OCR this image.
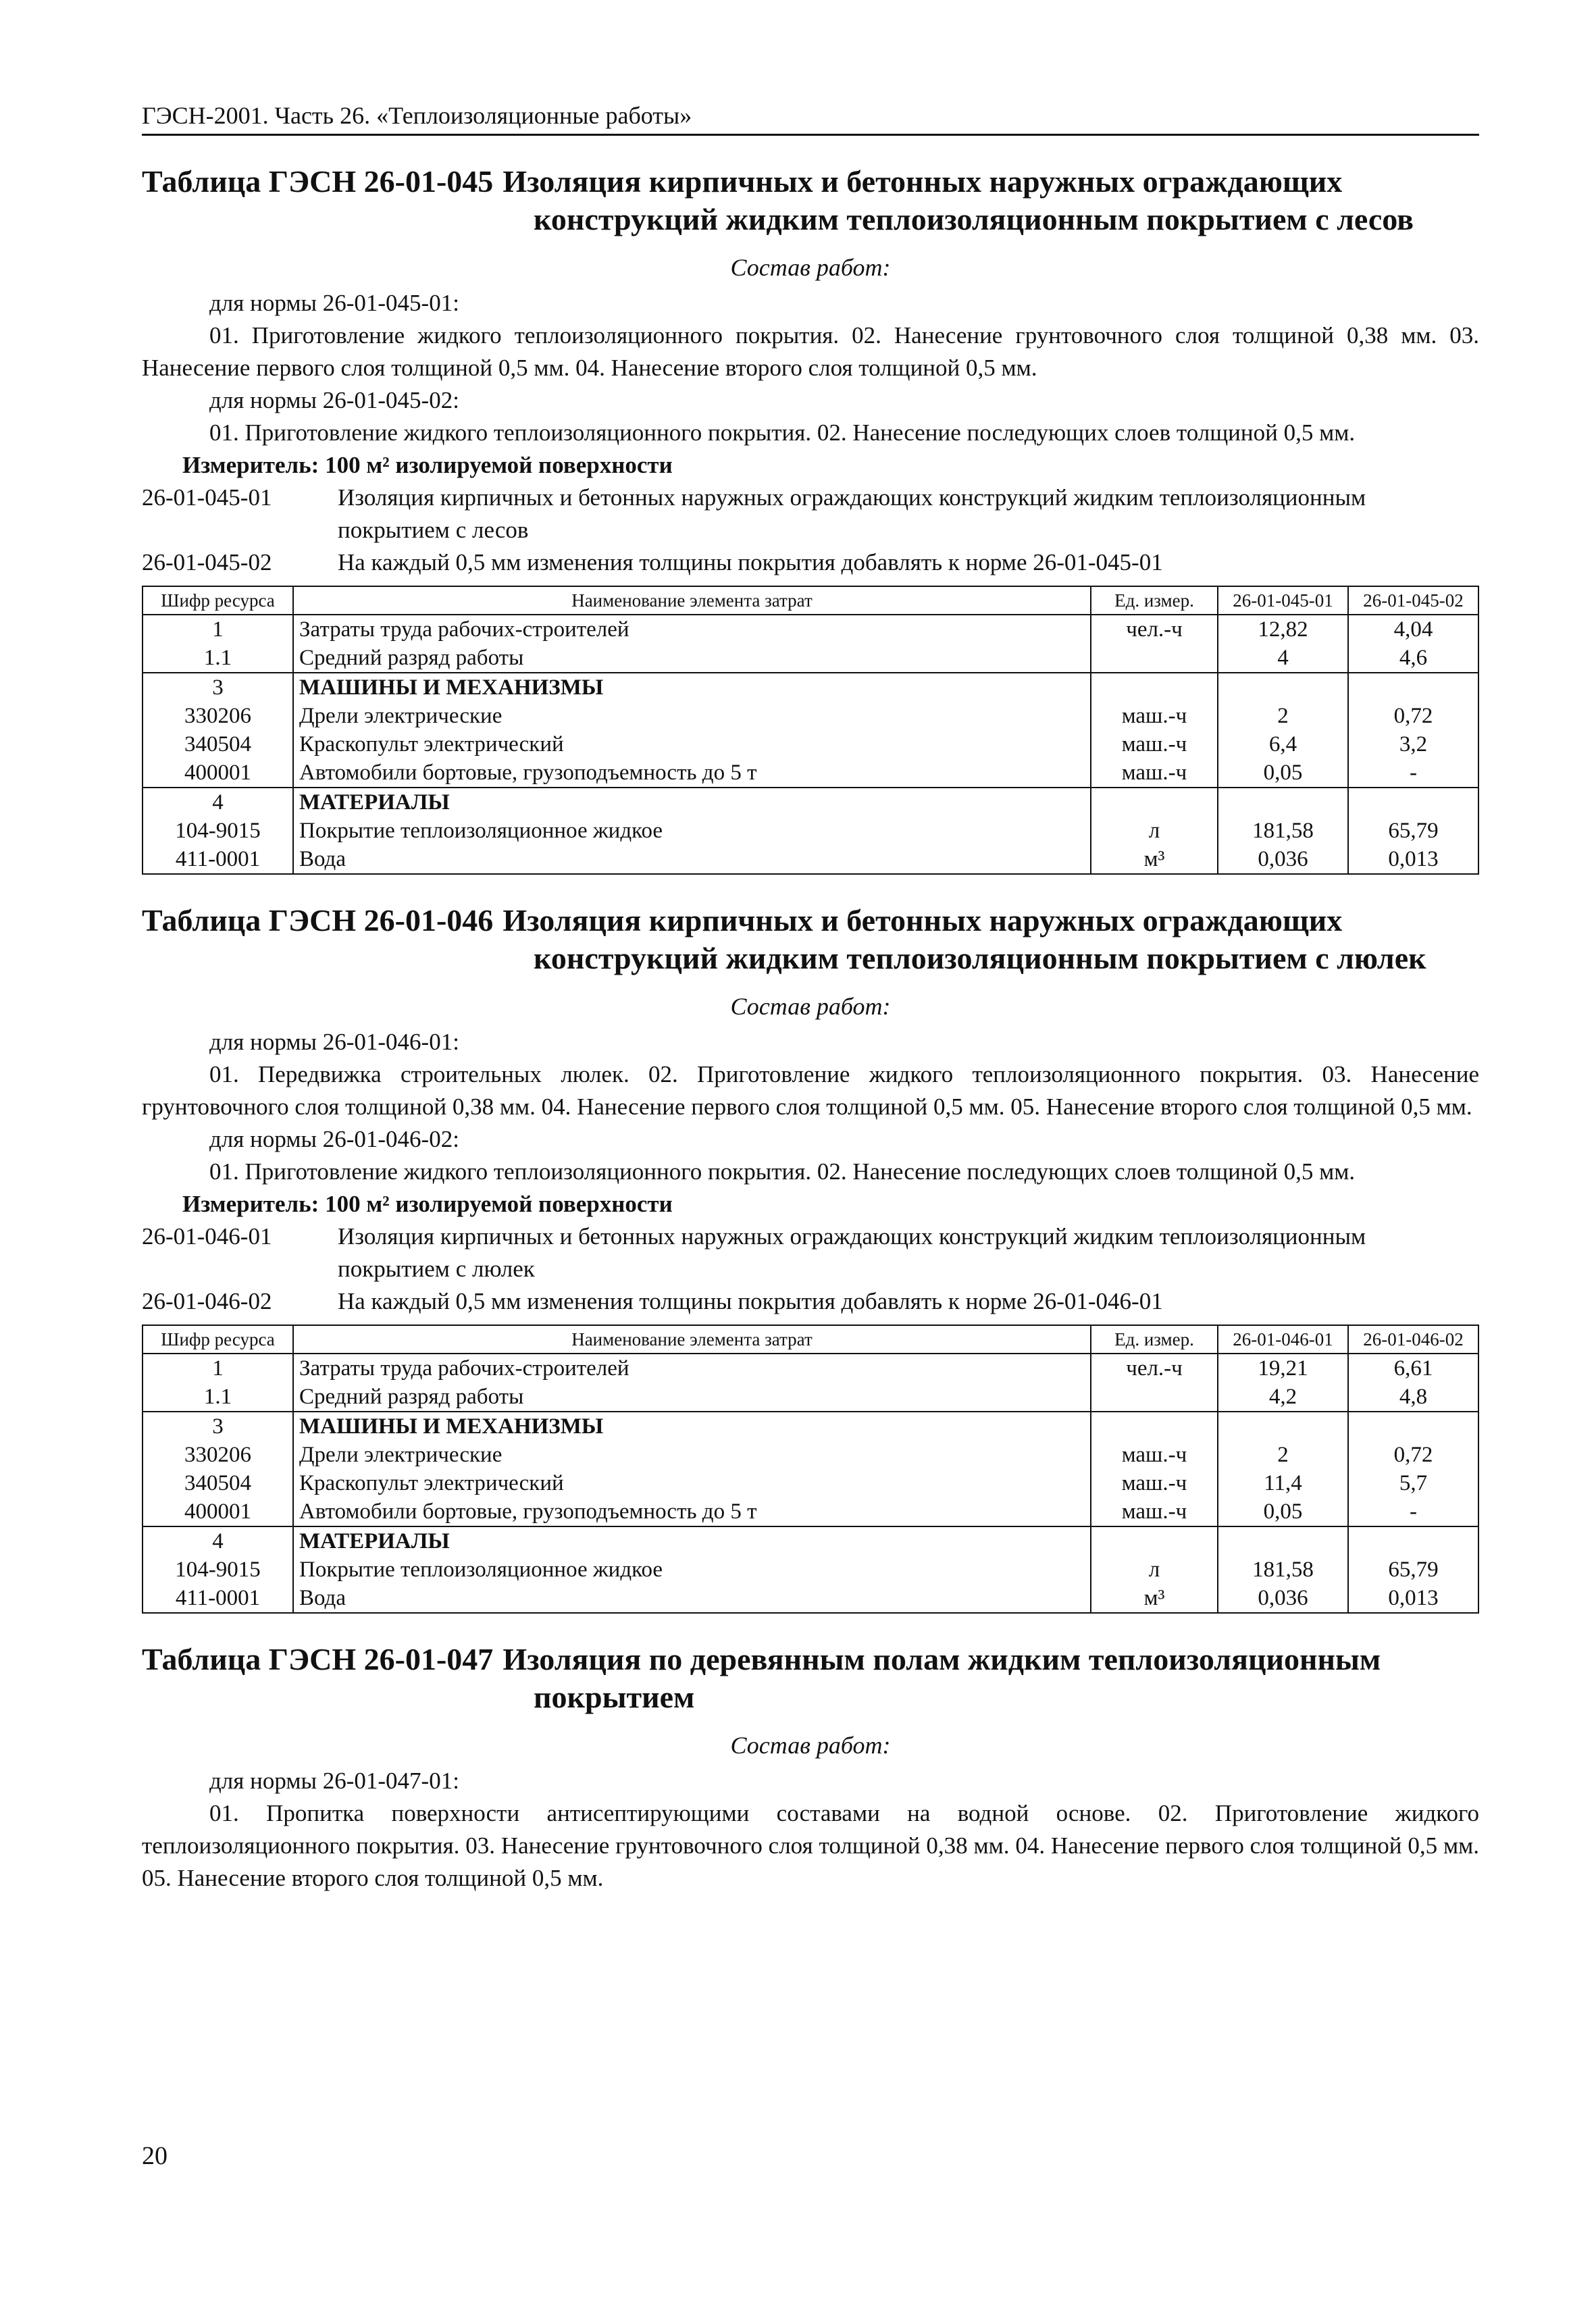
ГЭСН-2001. Часть 26. «Теплоизоляционные работы»
Таблица ГЭСН 26-01-045 Изоляция кирпичных и бетонных наружных ограждающих
конструкций жидким теплоизоляционным покрытием с лесов
Состав работ:
для нормы 26-01-045-01:
01. Приготовление жидкого теплоизоляционного покрытия. 02. Нанесение грунтовочного слоя толщиной 0,38 мм. 03. Нанесение первого слоя толщиной 0,5 мм. 04. Нанесение второго слоя толщиной 0,5 мм.
для нормы 26-01-045-02:
01. Приготовление жидкого теплоизоляционного покрытия. 02. Нанесение последующих слоев толщиной 0,5 мм.
Измеритель: 100 м² изолируемой поверхности
26-01-045-01	Изоляция кирпичных и бетонных наружных ограждающих конструкций жидким теплоизоляционным покрытием с лесов
26-01-045-02	На каждый 0,5 мм изменения толщины покрытия добавлять к норме 26-01-045-01
Шифр ресурса	Наименование элемента затрат	Ед. измер.	26-01-045-01	26-01-045-02
1	Затраты труда рабочих-строителей	чел.-ч	12,82	4,04
1.1	Средний разряд работы		4	4,6
3	МАШИНЫ И МЕХАНИЗМЫ			
330206	Дрели электрические	маш.-ч	2	0,72
340504	Краскопульт электрический	маш.-ч	6,4	3,2
400001	Автомобили бортовые, грузоподъемность до 5 т	маш.-ч	0,05	-
4	МАТЕРИАЛЫ			
104-9015	Покрытие теплоизоляционное жидкое	л	181,58	65,79
411-0001	Вода	м³	0,036	0,013
Таблица ГЭСН 26-01-046 Изоляция кирпичных и бетонных наружных ограждающих
конструкций жидким теплоизоляционным покрытием с люлек
Состав работ:
для нормы 26-01-046-01:
01. Передвижка строительных люлек. 02. Приготовление жидкого теплоизоляционного покрытия. 03. Нанесение грунтовочного слоя толщиной 0,38 мм. 04. Нанесение первого слоя толщиной 0,5 мм. 05. Нанесение второго слоя толщиной 0,5 мм.
для нормы 26-01-046-02:
01. Приготовление жидкого теплоизоляционного покрытия. 02. Нанесение последующих слоев толщиной 0,5 мм.
Измеритель: 100 м² изолируемой поверхности
26-01-046-01	Изоляция кирпичных и бетонных наружных ограждающих конструкций жидким теплоизоляционным покрытием с люлек
26-01-046-02	На каждый 0,5 мм изменения толщины покрытия добавлять к норме 26-01-046-01
Шифр ресурса	Наименование элемента затрат	Ед. измер.	26-01-046-01	26-01-046-02
1	Затраты труда рабочих-строителей	чел.-ч	19,21	6,61
1.1	Средний разряд работы		4,2	4,8
3	МАШИНЫ И МЕХАНИЗМЫ			
330206	Дрели электрические	маш.-ч	2	0,72
340504	Краскопульт электрический	маш.-ч	11,4	5,7
400001	Автомобили бортовые, грузоподъемность до 5 т	маш.-ч	0,05	-
4	МАТЕРИАЛЫ			
104-9015	Покрытие теплоизоляционное жидкое	л	181,58	65,79
411-0001	Вода	м³	0,036	0,013
Таблица ГЭСН 26-01-047 Изоляция по деревянным полам жидким теплоизоляционным
покрытием
Состав работ:
для нормы 26-01-047-01:
01. Пропитка поверхности антисептирующими составами на водной основе. 02. Приготовление жидкого теплоизоляционного покрытия. 03. Нанесение грунтовочного слоя толщиной 0,38 мм. 04. Нанесение первого слоя толщиной 0,5 мм. 05. Нанесение второго слоя толщиной 0,5 мм.
20
